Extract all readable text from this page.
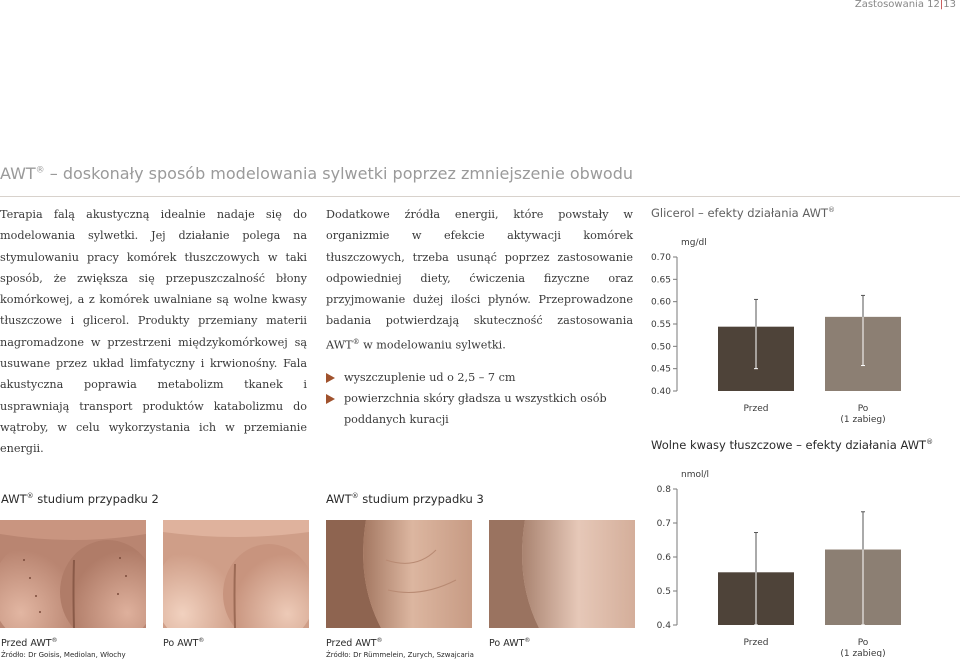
Zastosowania 12|13
AWT® – doskonały sposób modelowania sylwetki poprzez zmniejszenie obwodu

Terapia falą akustyczną idealnie nadaje się do modelowania sylwetki. Jej działanie polega na stymulowaniu pracy komórek tłuszczowych w taki sposób, że zwiększa się przepuszczalność błony komórkowej, a z komórek uwalniane są wolne kwasy tłuszczowe i glicerol. Produkty przemiany materii nagromadzone w przestrzeni międzykomórkowej są usuwane przez układ limfatyczny i krwionośny. Fala akustyczna poprawia metabolizm tkanek i usprawniają transport produktów katabolizmu do wątroby, w celu wykorzystania ich w przemianie energii.

Dodatkowe źródła energii, które powstały w organizmie w efekcie aktywacji komórek tłuszczowych, trzeba usunąć poprzez zastosowanie odpowiedniej diety, ćwiczenia fizyczne oraz przyjmowanie dużej ilości płynów. Przeprowadzone badania potwierdzają skuteczność zastosowania AWT® w modelowaniu sylwetki.

wyszczuplenie ud o 2,5 – 7 cm
powierzchnia skóry gładsza u wszystkich osób poddanych kuracji
Glicerol – efekty działania AWT®
mg/dl
0.70
0.65
0.60
0.55
0.50
0.45
0.40
Przed	Po
(1 zabieg)
Wolne kwasy tłuszczowe – efekty działania AWT®
nmol/l
0.8
0.7
0.6
0.5
0.4
Przed	Po
(1 zabieg)
AWT® studium przypadku 2
Przed AWT®	Po AWT®
Źródło: Dr Goisis, Mediolan, Włochy
AWT® studium przypadku 3
Przed AWT®	Po AWT®
Źródło: Dr Rümmelein, Zurych, Szwajcaria
